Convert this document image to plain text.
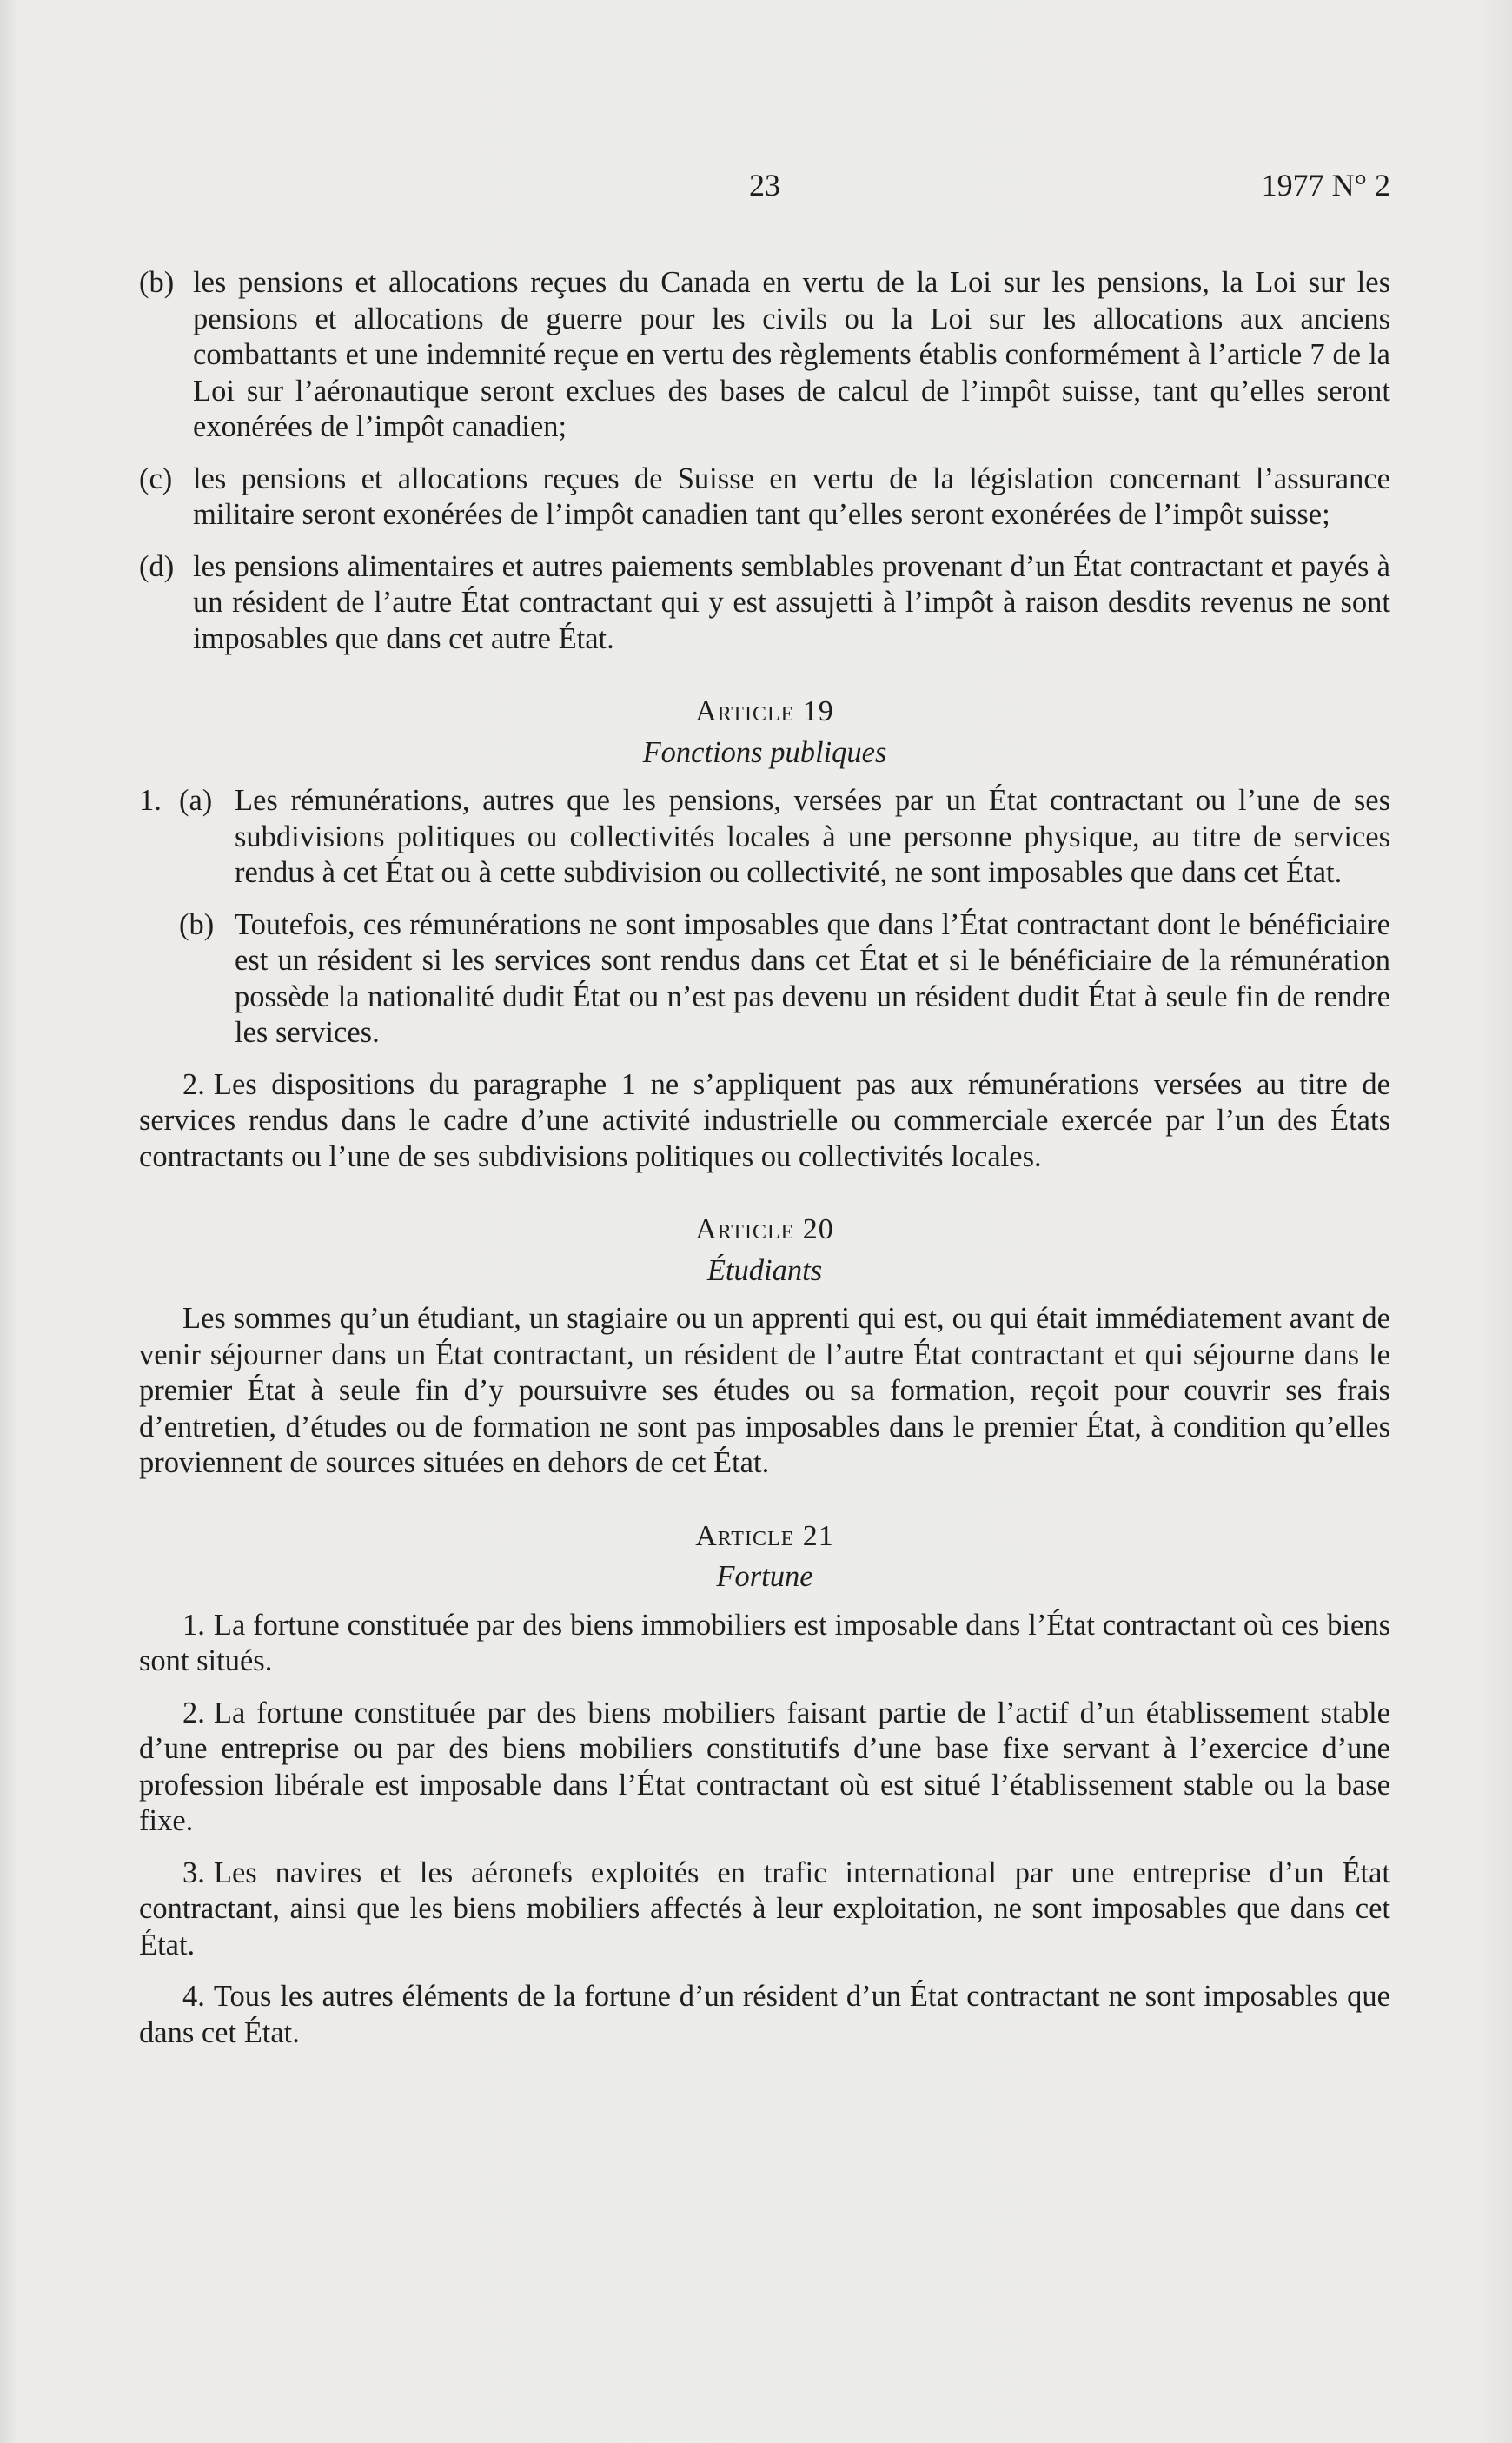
23	1977 N° 2
(b) les pensions et allocations reçues du Canada en vertu de la Loi sur les pensions, la Loi sur les pensions et allocations de guerre pour les civils ou la Loi sur les allocations aux anciens combattants et une indemnité reçue en vertu des règlements établis conformément à l’article 7 de la Loi sur l’aéronautique seront exclues des bases de calcul de l’impôt suisse, tant qu’elles seront exonérées de l’impôt canadien;
(c) les pensions et allocations reçues de Suisse en vertu de la législation concernant l’assurance militaire seront exonérées de l’impôt canadien tant qu’elles seront exonérées de l’impôt suisse;
(d) les pensions alimentaires et autres paiements semblables provenant d’un État contractant et payés à un résident de l’autre État contractant qui y est assujetti à l’impôt à raison desdits revenus ne sont imposables que dans cet autre État.
Article 19
Fonctions publiques
1. (a) Les rémunérations, autres que les pensions, versées par un État contractant ou l’une de ses subdivisions politiques ou collectivités locales à une personne physique, au titre de services rendus à cet État ou à cette subdivision ou collectivité, ne sont imposables que dans cet État.
(b) Toutefois, ces rémunérations ne sont imposables que dans l’État contractant dont le bénéficiaire est un résident si les services sont rendus dans cet État et si le bénéficiaire de la rémunération possède la nationalité dudit État ou n’est pas devenu un résident dudit État à seule fin de rendre les services.
2. Les dispositions du paragraphe 1 ne s’appliquent pas aux rémunérations versées au titre de services rendus dans le cadre d’une activité industrielle ou commerciale exercée par l’un des États contractants ou l’une de ses subdivisions politiques ou collectivités locales.
Article 20
Étudiants
Les sommes qu’un étudiant, un stagiaire ou un apprenti qui est, ou qui était immédiatement avant de venir séjourner dans un État contractant, un résident de l’autre État contractant et qui séjourne dans le premier État à seule fin d’y poursuivre ses études ou sa formation, reçoit pour couvrir ses frais d’entretien, d’études ou de formation ne sont pas imposables dans le premier État, à condition qu’elles proviennent de sources situées en dehors de cet État.
Article 21
Fortune
1. La fortune constituée par des biens immobiliers est imposable dans l’État contractant où ces biens sont situés.
2. La fortune constituée par des biens mobiliers faisant partie de l’actif d’un établissement stable d’une entreprise ou par des biens mobiliers constitutifs d’une base fixe servant à l’exercice d’une profession libérale est imposable dans l’État contractant où est situé l’établissement stable ou la base fixe.
3. Les navires et les aéronefs exploités en trafic international par une entreprise d’un État contractant, ainsi que les biens mobiliers affectés à leur exploitation, ne sont imposables que dans cet État.
4. Tous les autres éléments de la fortune d’un résident d’un État contractant ne sont imposables que dans cet État.
